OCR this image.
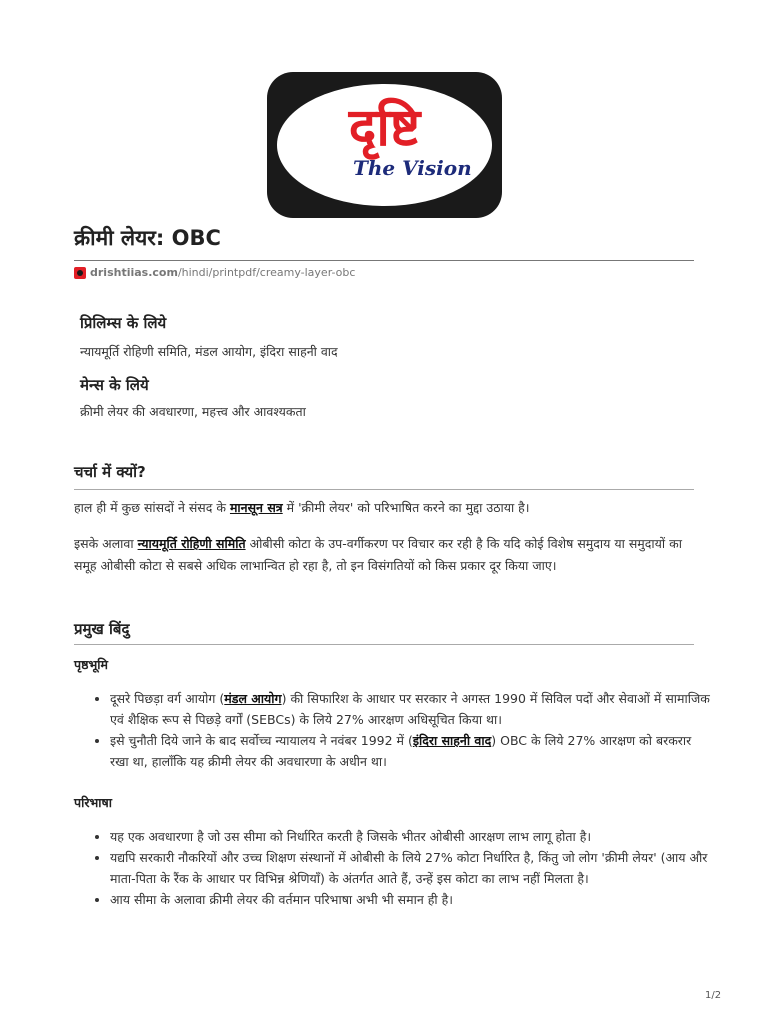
दृष्टि
The Vision
क्रीमी लेयर: OBC
drishtiias.com /hindi/printpdf/creamy-layer-obc
प्रिलिम्स के लिये
न्यायमूर्ति रोहिणी समिति, मंडल आयोग, इंदिरा साहनी वाद
मेन्स के लिये
क्रीमी लेयर की अवधारणा, महत्त्व और आवश्यकता
चर्चा में क्यों?

हाल ही में कुछ सांसदों ने संसद के मानसून सत्र में 'क्रीमी लेयर' को परिभाषित करने का मुद्दा उठाया है।

इसके अलावा न्यायमूर्ति रोहिणी समिति ओबीसी कोटा के उप-वर्गीकरण पर विचार कर रही है कि यदि कोई विशेष समुदाय या समुदायों का समूह ओबीसी कोटा से सबसे अधिक लाभान्वित हो रहा है, तो इन विसंगतियों को किस प्रकार दूर किया जाए।

प्रमुख बिंदु
पृष्ठभूमि
• दूसरे पिछड़ा वर्ग आयोग (मंडल आयोग) की सिफारिश के आधार पर सरकार ने अगस्त 1990 में सिविल पदों और सेवाओं में सामाजिक एवं शैक्षिक रूप से पिछड़े वर्गों (SEBCs) के लिये 27% आरक्षण अधिसूचित किया था।
• इसे चुनौती दिये जाने के बाद सर्वोच्च न्यायालय ने नवंबर 1992 में (इंदिरा साहनी वाद) OBC के लिये 27% आरक्षण को बरकरार रखा था, हालाँकि यह क्रीमी लेयर की अवधारणा के अधीन था।
परिभाषा
• यह एक अवधारणा है जो उस सीमा को निर्धारित करती है जिसके भीतर ओबीसी आरक्षण लाभ लागू होता है।
• यद्यपि सरकारी नौकरियों और उच्च शिक्षण संस्थानों में ओबीसी के लिये 27% कोटा निर्धारित है, किंतु जो लोग 'क्रीमी लेयर' (आय और माता-पिता के रैंक के आधार पर विभिन्न श्रेणियाँ) के अंतर्गत आते हैं, उन्हें इस कोटा का लाभ नहीं मिलता है।
• आय सीमा के अलावा क्रीमी लेयर की वर्तमान परिभाषा अभी भी समान ही है।
1/2
